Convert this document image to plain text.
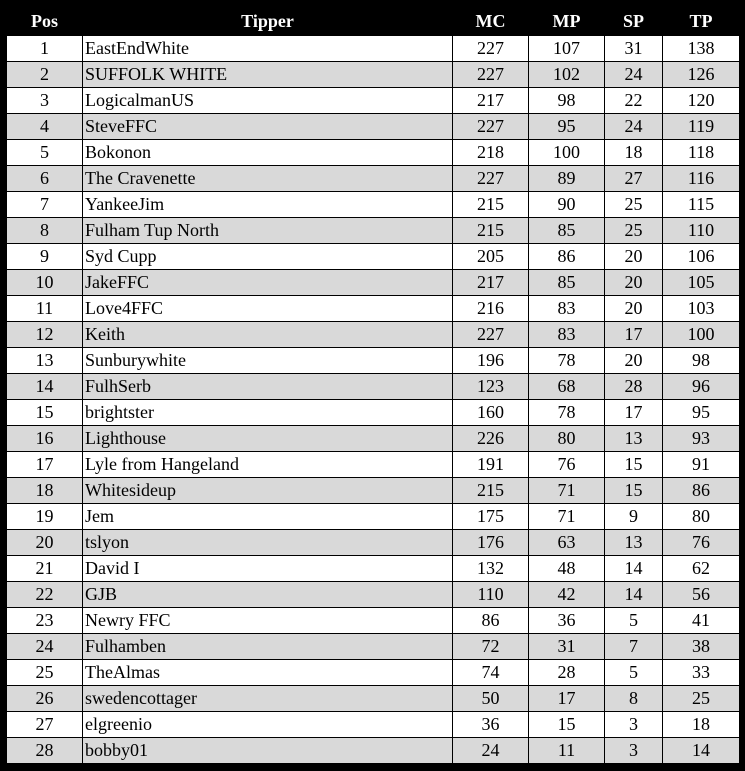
Pos	Tipper	MC	MP	SP	TP
1	EastEndWhite	227	107	31	138
2	SUFFOLK WHITE	227	102	24	126
3	LogicalmanUS	217	98	22	120
4	SteveFFC	227	95	24	119
5	Bokonon	218	100	18	118
6	The Cravenette	227	89	27	116
7	YankeeJim	215	90	25	115
8	Fulham Tup North	215	85	25	110
9	Syd Cupp	205	86	20	106
10	JakeFFC	217	85	20	105
11	Love4FFC	216	83	20	103
12	Keith	227	83	17	100
13	Sunburywhite	196	78	20	98
14	FulhSerb	123	68	28	96
15	brightster	160	78	17	95
16	Lighthouse	226	80	13	93
17	Lyle from Hangeland	191	76	15	91
18	Whitesideup	215	71	15	86
19	Jem	175	71	9	80
20	tslyon	176	63	13	76
21	David I	132	48	14	62
22	GJB	110	42	14	56
23	Newry FFC	86	36	5	41
24	Fulhamben	72	31	7	38
25	TheAlmas	74	28	5	33
26	swedencottager	50	17	8	25
27	elgreenio	36	15	3	18
28	bobby01	24	11	3	14
